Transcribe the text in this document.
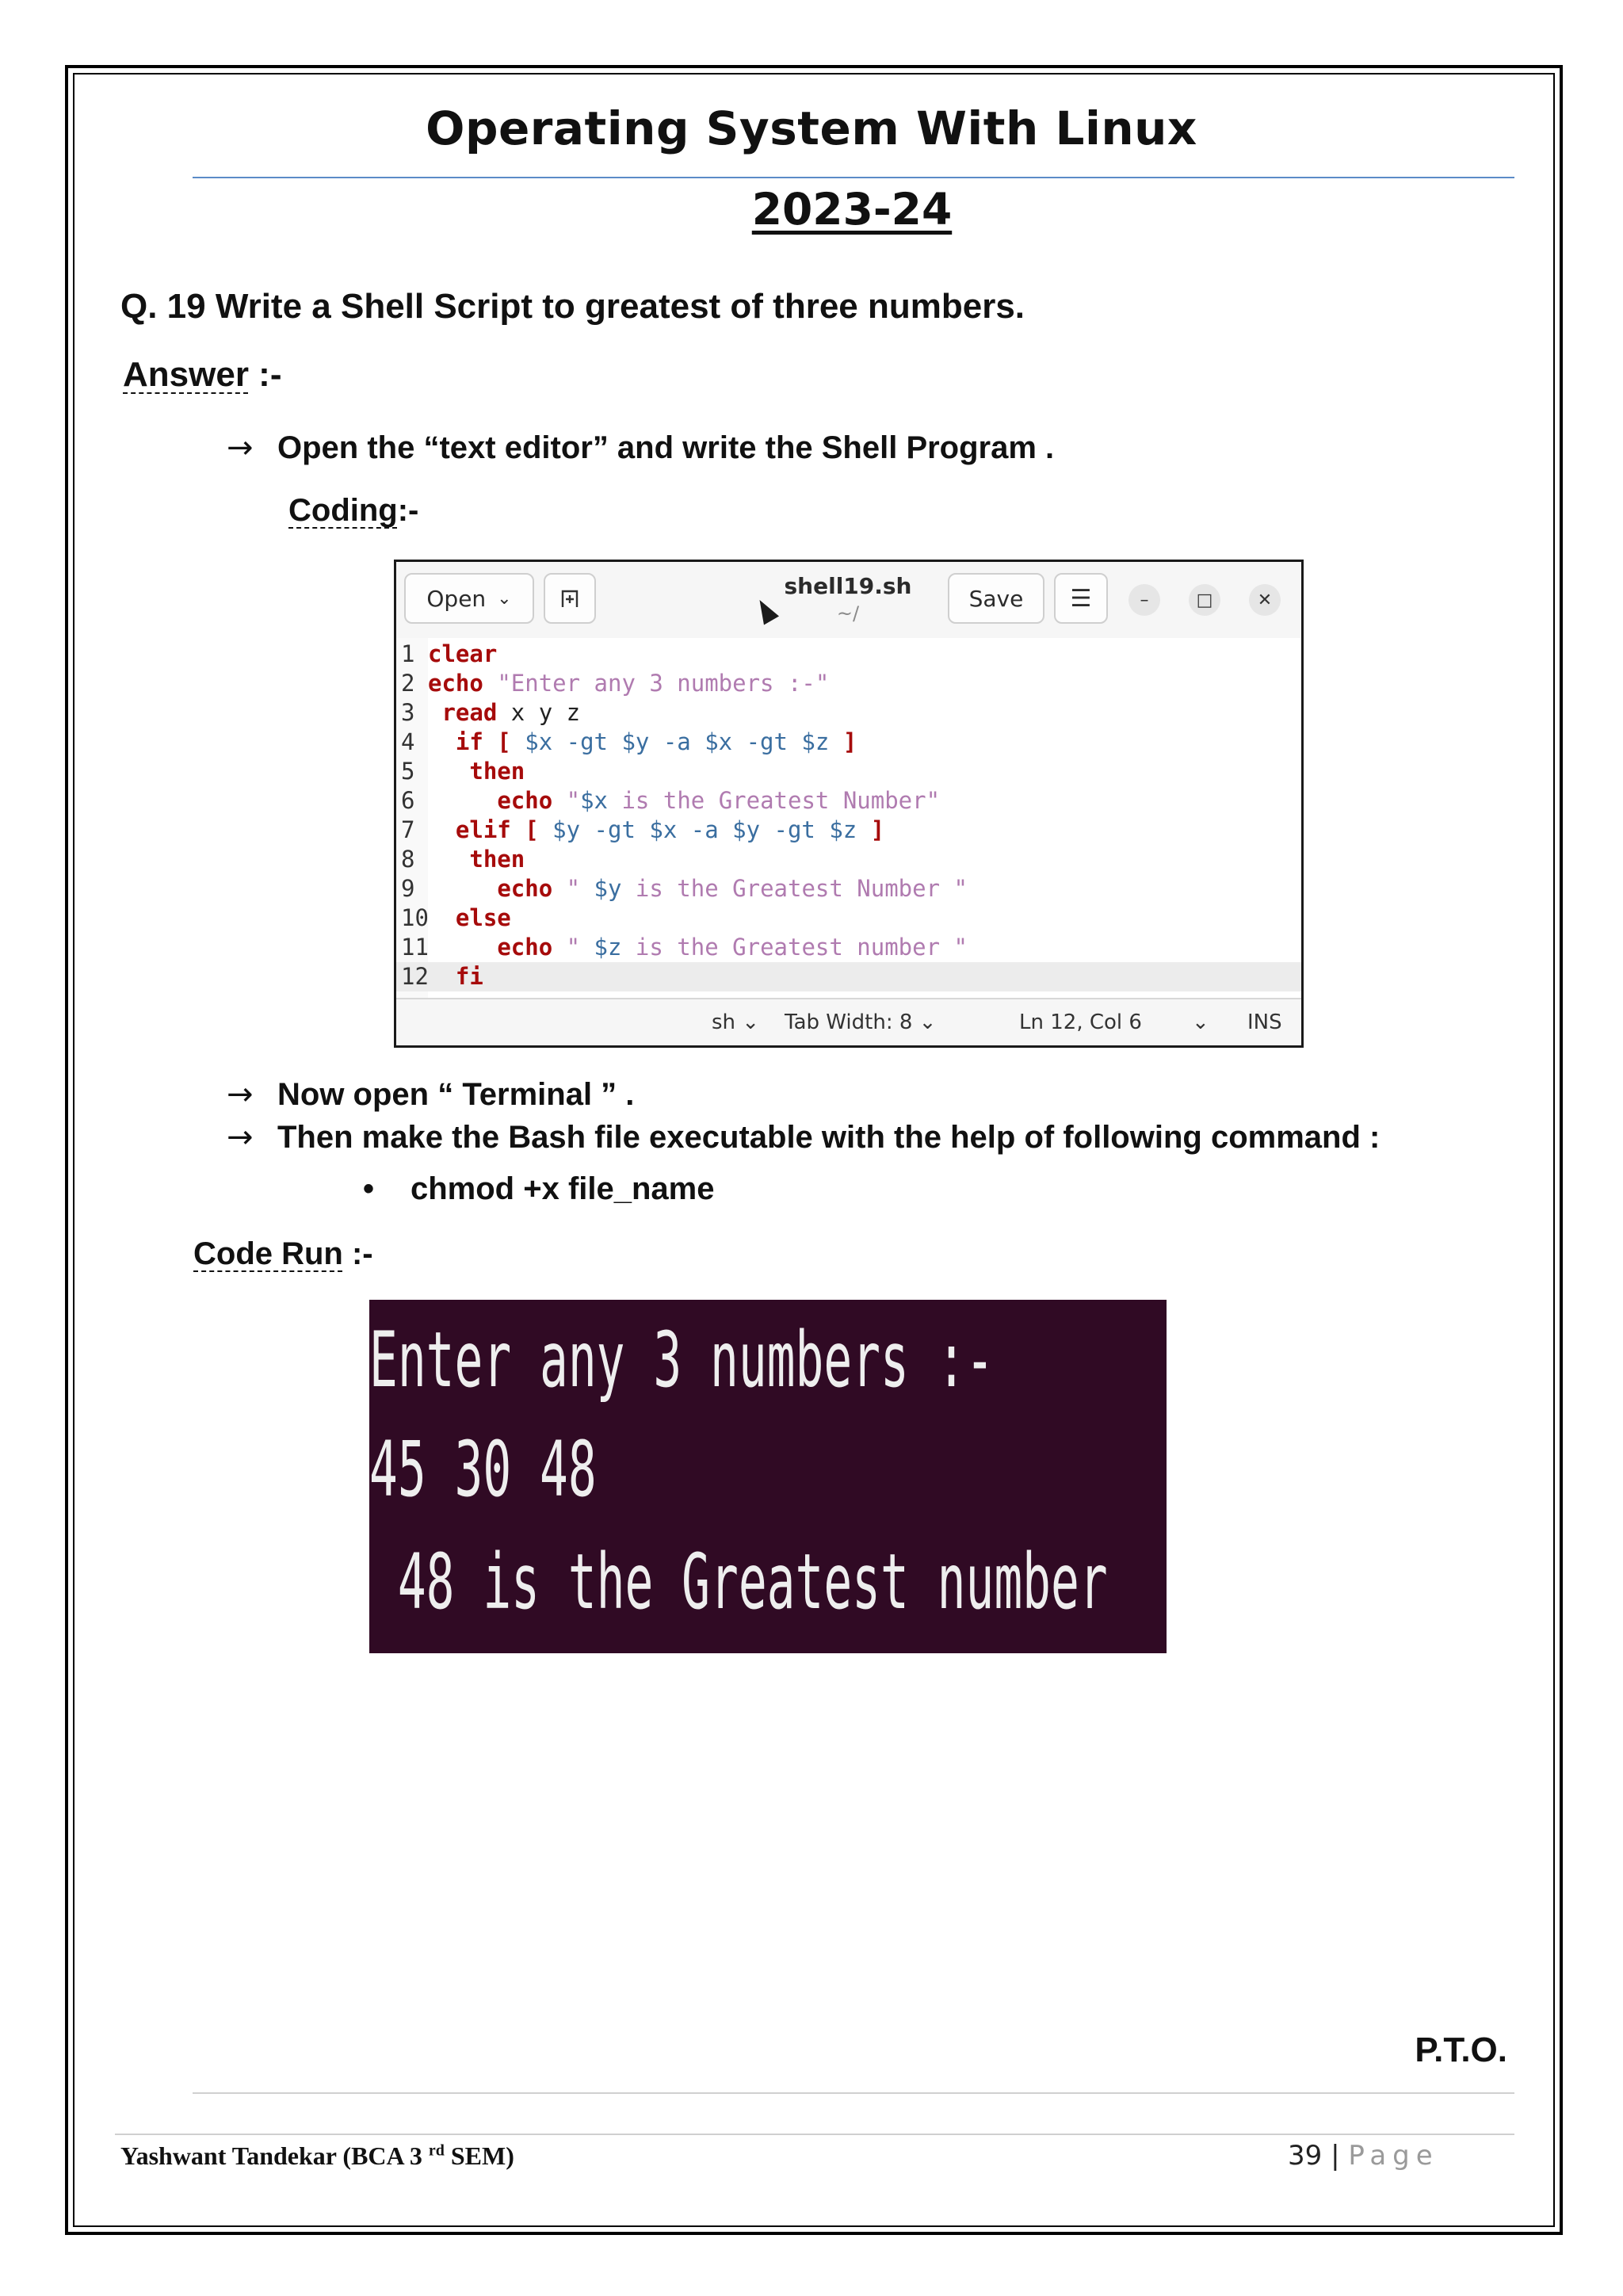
Operating System With Linux
2023-24
Q. 19 Write a Shell Script to greatest of three numbers.
Answer :-
→ Open the “text editor” and write the Shell Program .
Coding:-
Open ⌄	shell19.sh
~/
Save	☰	–	□	✕
1 clear
2 echo "Enter any 3 numbers :-"
3 read x y z
4 if [ $x -gt $y -a $x -gt $z ]
5 then
6	echo "$x is the Greatest Number"
7 elif [ $y -gt $x -a $y -gt $z ]
8 then
9	echo " $y is the Greatest Number "
10 else
11	echo " $z is the Greatest number "
12 fi
sh ⌄ Tab Width: 8 ⌄	Ln 12, Col 6 ⌄ INS
→ Now open “ Terminal ” .
→ Then make the Bash file executable with the help of following command :
• chmod +x file_name
Code Run :-
Enter any 3 numbers :-
45 30 48
48 is the Greatest number
P.T.O.
Yashwant Tandekar (BCA 3 $^{rd}$ SEM)	39 | Page
